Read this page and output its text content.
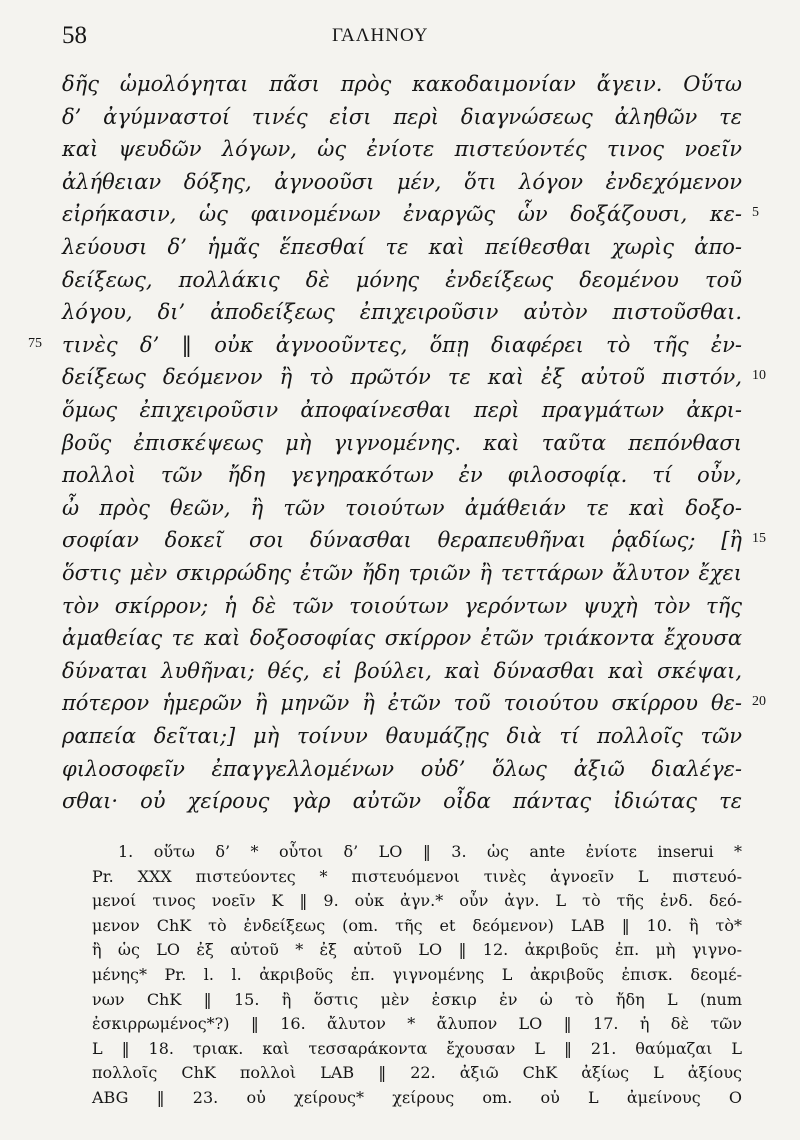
58	ΓΑΛΗΝΟΥ
δῆς ὡμολόγηται πᾶσι πρὸς κακοδαιμονίαν ἄγειν. Οὕτω
δ’ ἀγύμναστοί τινές εἰσι περὶ διαγνώσεως ἀληθῶν τε
καὶ ψευδῶν λόγων, ὡς ἐνίοτε πιστεύοντές τινος νοεῖν
ἀλήθειαν δόξης, ἀγνοοῦσι μέν, ὅτι λόγον ἐνδεχόμενον
εἰρήκασιν, ὡς φαινομένων ἐναργῶς ὧν δοξάζουσι, κε-
λεύουσι δ’ ἡμᾶς ἕπεσθαί τε καὶ πείθεσθαι χωρὶς ἀπο-
δείξεως, πολλάκις δὲ μόνης ἐνδείξεως δεομένου τοῦ
λόγου, δι’ ἀποδείξεως ἐπιχειροῦσιν αὐτὸν πιστοῦσθαι.
τινὲς δ’ ‖ οὐκ ἀγνοοῦντες, ὅπῃ διαφέρει τὸ τῆς ἐν-
δείξεως δεόμενον ἢ τὸ πρῶτόν τε καὶ ἐξ αὐτοῦ πιστόν,
ὅμως ἐπιχειροῦσιν ἀποφαίνεσθαι περὶ πραγμάτων ἀκρι-
βοῦς ἐπισκέψεως μὴ γιγνομένης. καὶ ταῦτα πεπόνθασι
πολλοὶ τῶν ἤδη γεγηρακότων ἐν φιλοσοφίᾳ. τί οὖν,
ὦ πρὸς θεῶν, ἢ τῶν τοιούτων ἀμάθειάν τε καὶ δοξο-
σοφίαν δοκεῖ σοι δύνασθαι θεραπευθῆναι ῥᾳδίως; [ἢ
ὅστις μὲν σκιρρώδης ἐτῶν ἤδη τριῶν ἢ τεττάρων ἄλυτον ἔχει
τὸν σκίρρον; ἡ δὲ τῶν τοιούτων γερόντων ψυχὴ τὸν τῆς
ἀμαθείας τε καὶ δοξοσοφίας σκίρρον ἐτῶν τριάκοντα ἔχουσα
δύναται λυθῆναι; θές, εἰ βούλει, καὶ δύνασθαι καὶ σκέψαι,
πότερον ἡμερῶν ἢ μηνῶν ἢ ἐτῶν τοῦ τοιούτου σκίρρου θε-
ραπεία δεῖται;] μὴ τοίνυν θαυμάζῃς διὰ τί πολλοῖς τῶν
φιλοσοφεῖν ἐπαγγελλομένων οὐδ’ ὅλως ἀξιῶ διαλέγε-
σθαι· οὐ χείρους γὰρ αὐτῶν οἶδα πάντας ἰδιώτας τε
5
75
10
15
20
1. οὕτω δ’ * οὗτοι δ’ LO ‖ 3. ὡς ante ἐνίοτε inserui *
Pr. XXX πιστεύοντες * πιστευόμενοι τινὲς ἀγνοεῖν L πιστευό-
μενοί τινος νοεῖν K ‖ 9. οὐκ ἀγν.* οὖν ἀγν. L τὸ τῆς ἐνδ. δεό-
μενον ChK τὸ ἐνδείξεως (om. τῆς et δεόμενον) LAB ‖ 10. ἢ τὸ*
ἢ ὡς LO ἐξ αὐτοῦ * ἐξ αὑτοῦ LO ‖ 12. ἀκριβοῦς ἐπ. μὴ γιγνο-
μένης* Pr. l. l. ἀκριβοῦς ἐπ. γιγνομένης L ἀκριβοῦς ἐπισκ. δεομέ-
νων ChK ‖ 15. ἢ ὅστις μὲν ἐσκιρ ἐν ὡ τὸ ἤδη L (num
ἐσκιρρωμένος*?) ‖ 16. ἄλυτον * ἄλυπον LO ‖ 17. ἡ δὲ τῶν
L ‖ 18. τριακ. καὶ τεσσαράκοντα ἔχουσαν L ‖ 21. θαύμαζαι L
πολλοῖς ChK πολλοὶ LAB ‖ 22. ἀξιῶ ChK ἀξίως L ἀξίους
ABG ‖ 23. οὐ χείρους* χείρους om. οὐ L ἀμείνους O
